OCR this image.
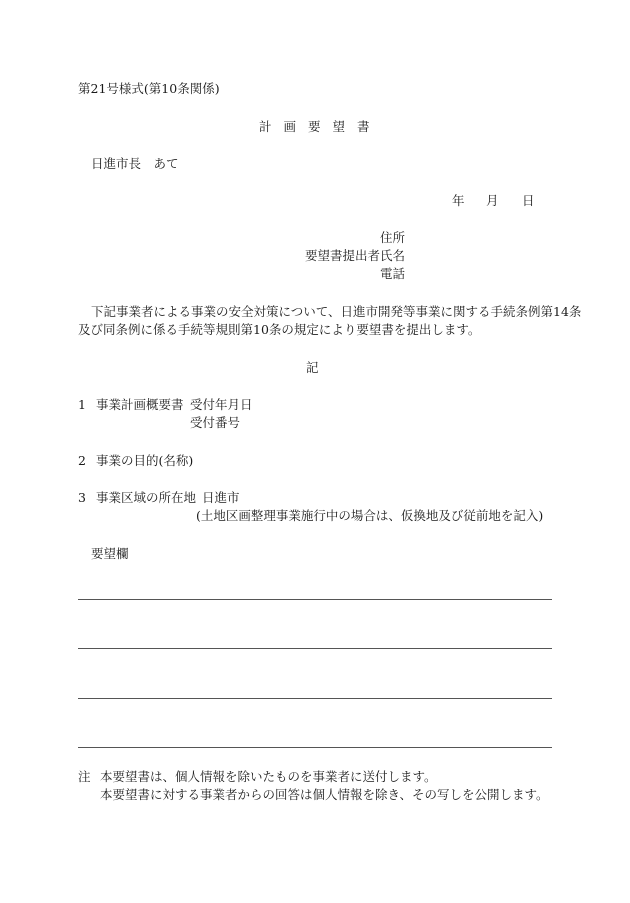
第21号様式(第10条関係)
計画要望書
日進市長　あて
年 月 日
住所
要望書提出者氏名
電話
下記事業者による事業の安全対策について、日進市開発等事業に関する手続条例第14条
及び同条例に係る手続等規則第10条の規定により要望書を提出します。
記
1 事業計画概要書 受付年月日
受付番号
2 事業の目的(名称)
3 事業区域の所在地 日進市
(土地区画整理事業施行中の場合は、仮換地及び従前地を記入)
要望欄
注 本要望書は、個人情報を除いたものを事業者に送付します。
本要望書に対する事業者からの回答は個人情報を除き、その写しを公開します。
